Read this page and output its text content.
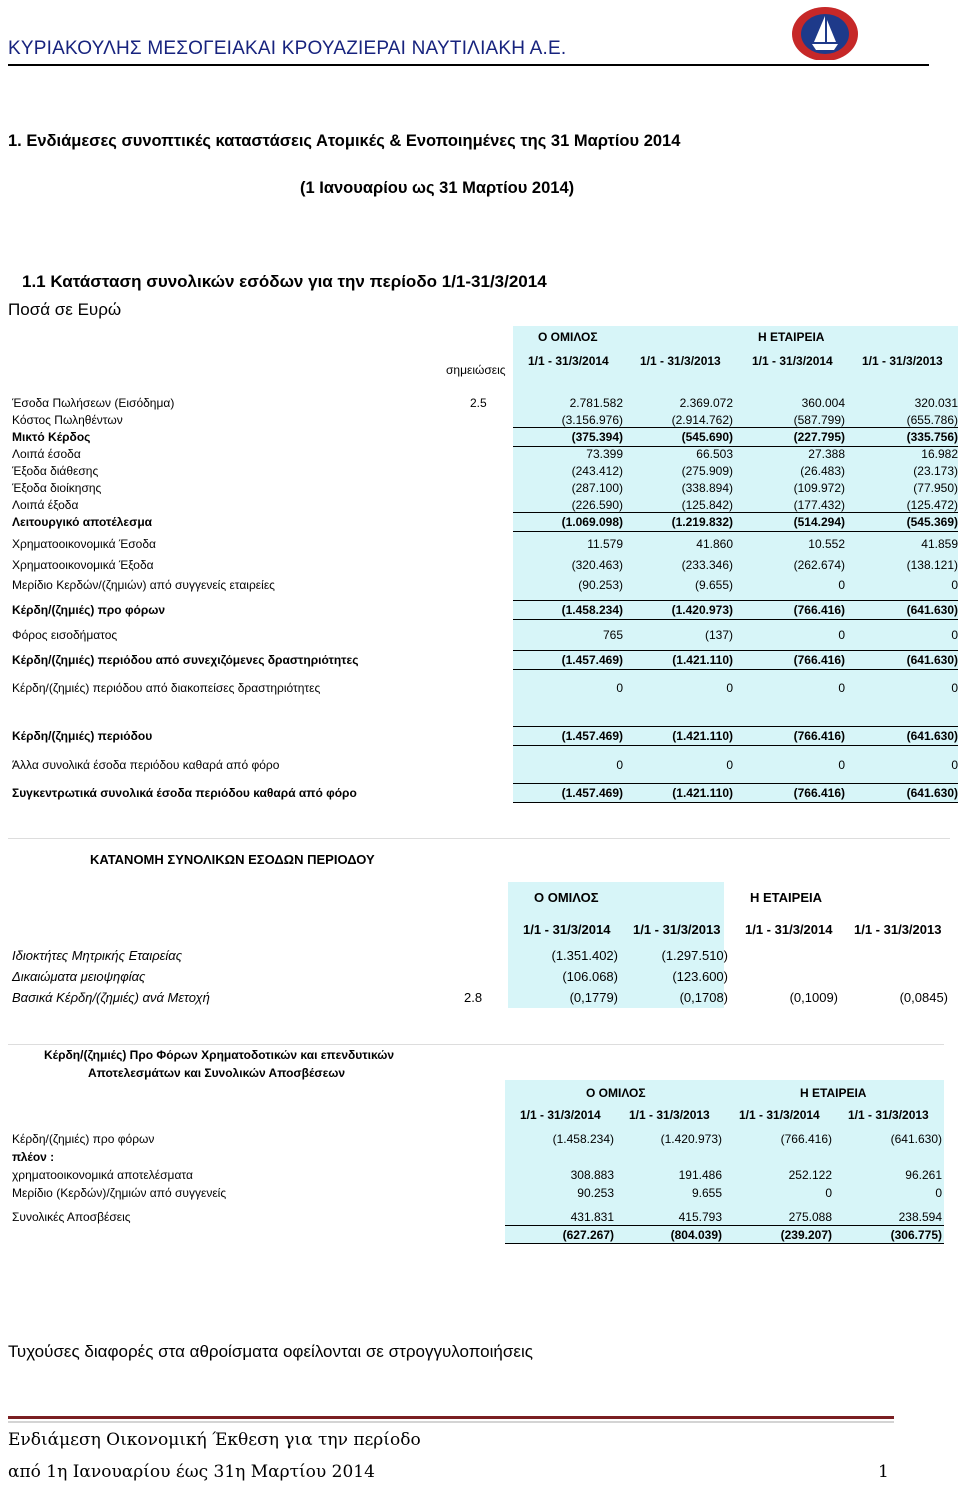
ΚΥΡΙΑΚΟΥΛΗΣ ΜΕΣΟΓΕΙΑΚΑΙ ΚΡΟΥΑΖΙΕΡΑΙ ΝΑΥΤΙΛΙΑΚΗ Α.Ε.
1. Ενδιάμεσες συνοπτικές καταστάσεις Ατομικές & Ενοποιημένες της 31 Μαρτίου 2014
(1 Ιανουαρίου ως 31 Μαρτίου 2014)
1.1 Κατάσταση συνολικών εσόδων για την περίοδο 1/1-31/3/2014
Ποσά σε Ευρώ
Ο ΟΜΙΛΟΣ	Η ΕΤΑΙΡΕΙΑ
σημειώσεις
1/1 - 31/3/2014	1/1 - 31/3/2013	1/1 - 31/3/2014 1/1 - 31/3/2013
Έσοδα Πωλήσεων (Εισόδημα)	2.5	2.781.582	2.369.072	360.004	320.031
Κόστος Πωληθέντων	(3.156.976)	(2.914.762)	(587.799)	(655.786)
Μικτό Κέρδος	(375.394)	(545.690)	(227.795)	(335.756)
Λοιπά έσοδα	73.399	66.503	27.388	16.982
Έξοδα διάθεσης	(243.412)	(275.909)	(26.483)	(23.173)
Έξοδα διοίκησης	(287.100)	(338.894)	(109.972)	(77.950)
Λοιπά έξοδα	(226.590)	(125.842)	(177.432)	(125.472)
Λειτουργικό αποτέλεσμα	(1.069.098)	(1.219.832)	(514.294)	(545.369)
Χρηματοοικονομικά Έσοδα	11.579	41.860	10.552	41.859
Χρηματοοικονομικά Έξοδα	(320.463)	(233.346)	(262.674)	(138.121)
Μερίδιο Κερδών/(ζημιών) από συγγενείς εταιρείες	(90.253)	(9.655)	0	0
Κέρδη/(ζημιές) προ φόρων	(1.458.234)	(1.420.973)	(766.416)	(641.630)
Φόρος εισοδήματος	765	(137)	0	0
Κέρδη/(ζημιές) περιόδου από συνεχιζόμενες δραστηριότητες	(1.457.469)	(1.421.110)	(766.416)	(641.630)
Κέρδη/(ζημιές) περιόδου από διακοπείσες δραστηριότητες	0	0	0	0
Κέρδη/(ζημιές) περιόδου	(1.457.469)	(1.421.110)	(766.416)	(641.630)
Άλλα συνολικά έσοδα περιόδου καθαρά από φόρο	0	0	0	0
Συγκεντρωτικά συνολικά έσοδα περιόδου καθαρά από φόρο	(1.457.469)	(1.421.110)	(766.416)	(641.630)
ΚΑΤΑΝΟΜΗ ΣΥΝΟΛΙΚΩΝ ΕΣΟΔΩΝ ΠΕΡΙΟΔΟΥ
Ο ΟΜΙΛΟΣ	Η ΕΤΑΙΡΕΙΑ
1/1 - 31/3/2014 1/1 - 31/3/2013 1/1 - 31/3/2014 1/1 - 31/3/2013
Ιδιοκτήτες Μητρικής Εταιρείας	(1.351.402)	(1.297.510)
Δικαιώματα μειοψηφίας	(106.068)	(123.600)
Βασικά Κέρδη/(ζημιές) ανά Μετοχή	2.8	(0,1779)	(0,1708)	(0,1009)	(0,0845)
Κέρδη/(ζημιές) Προ Φόρων Χρηματοδοτικών και επενδυτικών
Αποτελεσμάτων και Συνολικών Αποσβέσεων
Ο ΟΜΙΛΟΣ	Η ΕΤΑΙΡΕΙΑ
1/1 - 31/3/2014 1/1 - 31/3/2013 1/1 - 31/3/2014 1/1 - 31/3/2013
Κέρδη/(ζημιές) προ φόρων	(1.458.234)	(1.420.973)	(766.416)	(641.630)
πλέον :
χρηματοοικονομικά αποτελέσματα	308.883	191.486	252.122	96.261
Μερίδιο (Κερδών)/ζημιών από συγγενείς	90.253	9.655	0	0
Συνολικές Αποσβέσεις	431.831	415.793	275.088	238.594
(627.267)	(804.039)	(239.207)	(306.775)
Τυχούσες διαφορές στα αθροίσματα οφείλονται σε στρογγυλοποιήσεις
Ενδιάμεση Οικονομική Έκθεση για την περίοδο
από 1η Ιανουαρίου έως 31η Μαρτίου 2014	1
